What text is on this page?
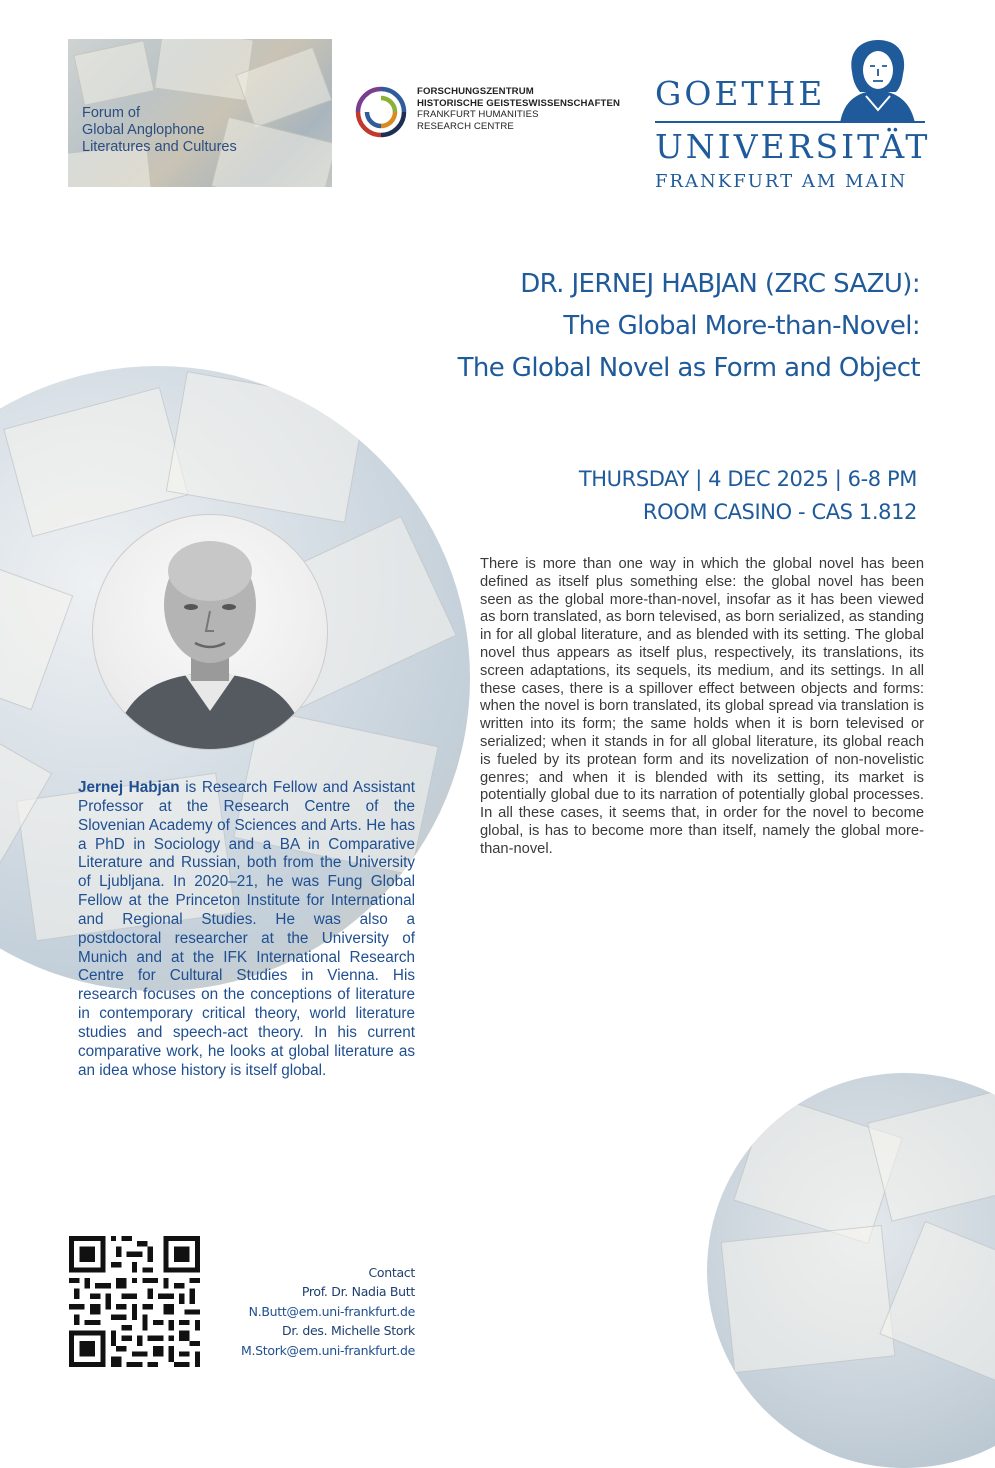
Forum of
Global Anglophone
Literatures and Cultures
FORSCHUNGSZENTRUM
HISTORISCHE GEISTESWISSENSCHAFTEN
FRANKFURT HUMANITIES
RESEARCH CENTRE
GOETHE
UNIVERSITÄT
FRANKFURT AM MAIN
DR. JERNEJ HABJAN (ZRC SAZU):
The Global More-than-Novel:
The Global Novel as Form and Object
THURSDAY | 4 DEC 2025 | 6-8 PM
ROOM CASINO - CAS 1.812
There is more than one way in which the global novel has been defined as itself plus something else: the global novel has been seen as the global more-than-novel, insofar as it has been viewed as born translated, as born televised, as born serialized, as standing in for all global literature, and as blended with its setting. The global novel thus appears as itself plus, respectively, its translations, its screen adaptations, its sequels, its medium, and its settings. In all these cases, there is a spillover effect between objects and forms: when the novel is born translated, its global spread via translation is written into its form; the same holds when it is born televised or serialized; when it stands in for all global literature, its global reach is fueled by its protean form and its novelization of non-novelistic genres; and when it is blended with its setting, its market is potentially global due to its narration of potentially global processes. In all these cases, it seems that, in order for the novel to become global, is has to become more than itself, namely the global more-than-novel.
Jernej Habjan is Research Fellow and Assistant Professor at the Research Centre of the Slovenian Academy of Sciences and Arts. He has a PhD in Sociology and a BA in Comparative Literature and Russian, both from the University of Ljubljana. In 2020–21, he was Fung Global Fellow at the Princeton Institute for International and Regional Studies. He was also a postdoctoral researcher at the University of Munich and at the IFK International Research Centre for Cultural Studies in Vienna. His research focuses on the conceptions of literature in contemporary critical theory, world literature studies and speech-act theory. In his current comparative work, he looks at global literature as an idea whose history is itself global.
Contact
Prof. Dr. Nadia Butt
N.Butt@em.uni-frankfurt.de
Dr. des. Michelle Stork
M.Stork@em.uni-frankfurt.de
